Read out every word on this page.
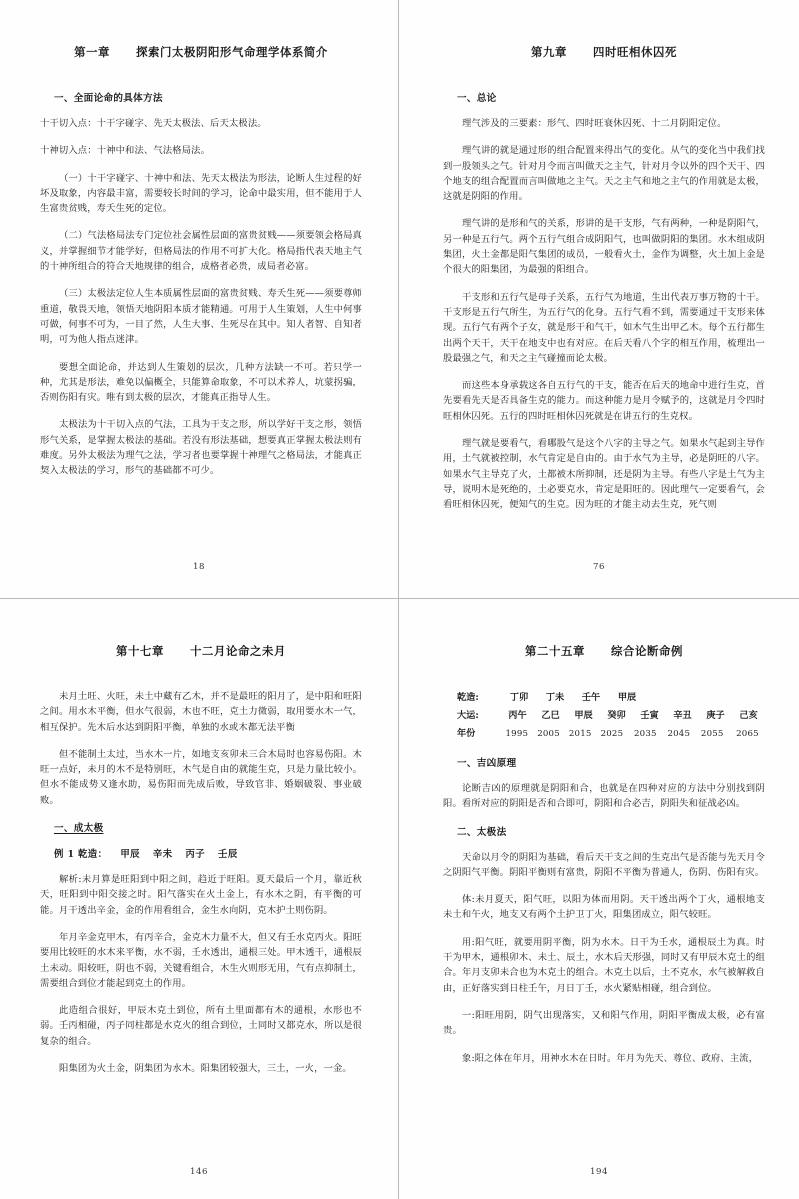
第一章 探索门太极阴阳形气命理学体系简介
一、全面论命的具体方法

十干切入点：十干字碰字、先天太极法、后天太极法。

十神切入点：十神中和法、气法格局法。

（一）十干字碰字、十神中和法、先天太极法为形法，论断人生过程的好坏及取象，内容最丰富，需要较长时间的学习，论命中最实用，但不能用于人生富贵贫贱，寿夭生死的定位。

（二）气法格局法专门定位社会属性层面的富贵贫贱——须要领会格局真义，并掌握细节才能学好，但格局法的作用不可扩大化。格局指代表天地主气的十神所组合的符合天地规律的组合，成格者必贵，成局者必富。

（三）太极法定位人生本质属性层面的富贵贫贱、寿夭生死——须要尊师重道，敬畏天地，领悟天地阴阳本质才能精通。可用于人生策划，人生中何事可做，何事不可为，一目了然，人生大事、生死尽在其中。知人者智、自知者明，可为他人指点迷津。

要想全面论命，并达到人生策划的层次，几种方法缺一不可。若只学一种，尤其是形法，难免以偏概全，只能算命取象，不可以术养人，坑蒙拐骗，否则伤阳有灾。唯有到太极的层次，才能真正指导人生。

太极法为十干切入点的气法，工具为干支之形，所以学好干支之形，领悟形气关系，是掌握太极法的基础。若没有形法基础，想要真正掌握太极法则有难度。另外太极法为理气之法，学习者也要掌握十神理气之格局法，才能真正契入太极法的学习，形气的基础都不可少。

18
第九章 四时旺相休囚死
一、总论

理气涉及的三要素：形气、四时旺衰休囚死、十二月阴阳定位。

理气讲的就是通过形的组合配置来得出气的变化。从气的变化当中我们找到一股领头之气。针对月令而言叫做天之主气，针对月令以外的四个天干、四个地支的组合配置而言叫做地之主气。天之主气和地之主气的作用就是太极，这就是阴阳的作用。

理气讲的是形和气的关系，形讲的是干支形，气有两种，一种是阴阳气，另一种是五行气。两个五行气组合成阴阳气，也叫做阴阳的集团。水木组成阴集团，火土金都是阳气集团的成员，一般看火土，金作为调整，火土加上金是个很大的阳集团，为最强的阳组合。

干支形和五行气是母子关系，五行气为地道，生出代表万事万物的十干。干支形是五行气所生，为五行气的化身。五行气看不到，需要通过干支形来体现。五行气有两个子女，就是形干和气干，如木气生出甲乙木。每个五行都生出两个天干，天干在地支中也有对应。在后天看八个字的相互作用，梳理出一股最强之气，和天之主气碰撞而论太极。

而这些本身承载这各自五行气的干支，能否在后天的地命中进行生克，首先要看先天是否具备生克的能力。而这种能力是月令赋予的，这就是月令四时旺相休囚死。五行的四时旺相休囚死就是在讲五行的生克权。

理气就是要看气，看哪股气是这个八字的主导之气。如果水气起到主导作用，土气就被控制，水气肯定是自由的。由于水气为主导，必是阴旺的八字。如果水气主导克了火，土都被木所抑制，还是阴为主导。有些八字是土气为主导，说明木是死绝的，土必要克水，肯定是阳旺的。因此理气一定要看气，会看旺相休囚死，便知气的生克。因为旺的才能主动去生克，死气则

76
第十七章 十二月论命之未月

未月土旺、火旺，未土中藏有乙木，并不是最旺的阳月了，是中阳和旺阳之间。用水木平衡，但水气很弱，木也不旺，克土力微弱，取用要水木一气，相互保护。先木后水达到阴阳平衡，单独的水或木都无法平衡

但不能制土太过，当水木一片，如地支亥卯未三合木局时也容易伤阳。木旺一点好，未月的木不是特别旺，木气是自由的就能生克，只是力量比较小。但水不能成势又逢水助，易伤阳而先成后败，导致官非、婚姻破裂、事业破败。

一、成太极
例 1 乾造： 甲辰 辛未 丙子 壬辰

解析:未月算是旺阳到中阳之间，趋近于旺阳。夏天最后一个月，靠近秋天，旺阳到中阳交接之时。阳气落实在火土金上，有水木之阴，有平衡的可能。月干透出辛金，金的作用看组合，金生水向阴，克木护土则伤阴。

年月辛金克甲木，有丙辛合，金克木力量不大，但又有壬水克丙火。阳旺要用比较旺的水木来平衡，水不弱，壬水透出，通根三处。甲木透干，通根辰土未动。阳较旺，阴也不弱，关键看组合，木生火则形无用，气有点抑制土，需要组合到位才能起到克土的作用。

此造组合很好，甲辰木克土到位，所有土里面都有木的通根，水形也不弱。壬丙相碰，丙子同柱都是水克火的组合到位，土同时又都克水，所以是很复杂的组合。

阳集团为火土金，阴集团为水木。阳集团较强大，三土，一火，一金。

146
第二十五章 综合论断命例
乾造:	丁卯	丁未	壬午	甲辰
大运:	丙午	乙巳	甲辰	癸卯	壬寅	辛丑	庚子	己亥
年份	1995	2005	2015	2025	2035	2045	2055	2065
一、吉凶原理

论断吉凶的原理就是阴阳和合，也就是在四种对应的方法中分别找到阴阳。看所对应的阴阳是否和合即可，阴阳和合必吉，阴阳失和征战必凶。

二、太极法

天命以月令的阴阳为基础，看后天干支之间的生克出气是否能与先天月令之阴阳气平衡。阴阳平衡则有富贵，阴阳不平衡为普通人，伤阴、伤阳有灾。

体:未月夏天，阳气旺，以阳为体而用阴。天干透出两个丁火，通根地支未土和午火，地支又有两个土护卫丁火，阳集团成立，阳气较旺。

用:阳气旺，就要用阴平衡，阴为水木。日干为壬水，通根辰土为真。时干为甲木，通根卯木、未土、辰土，水木后天形强，同时又有甲辰木克土的组合。年月支卯未合也为木克土的组合。木克土以后，土不克水，水气被解救自由，正好落实到日柱壬午，月日丁壬，水火紧贴相碰，组合到位。

一:阳旺用阴，阴气出现落实，又和阳气作用，阴阳平衡成太极，必有富贵。

象:阳之体在年月，用神水木在日时。年月为先天、尊位、政府、主流，

194
